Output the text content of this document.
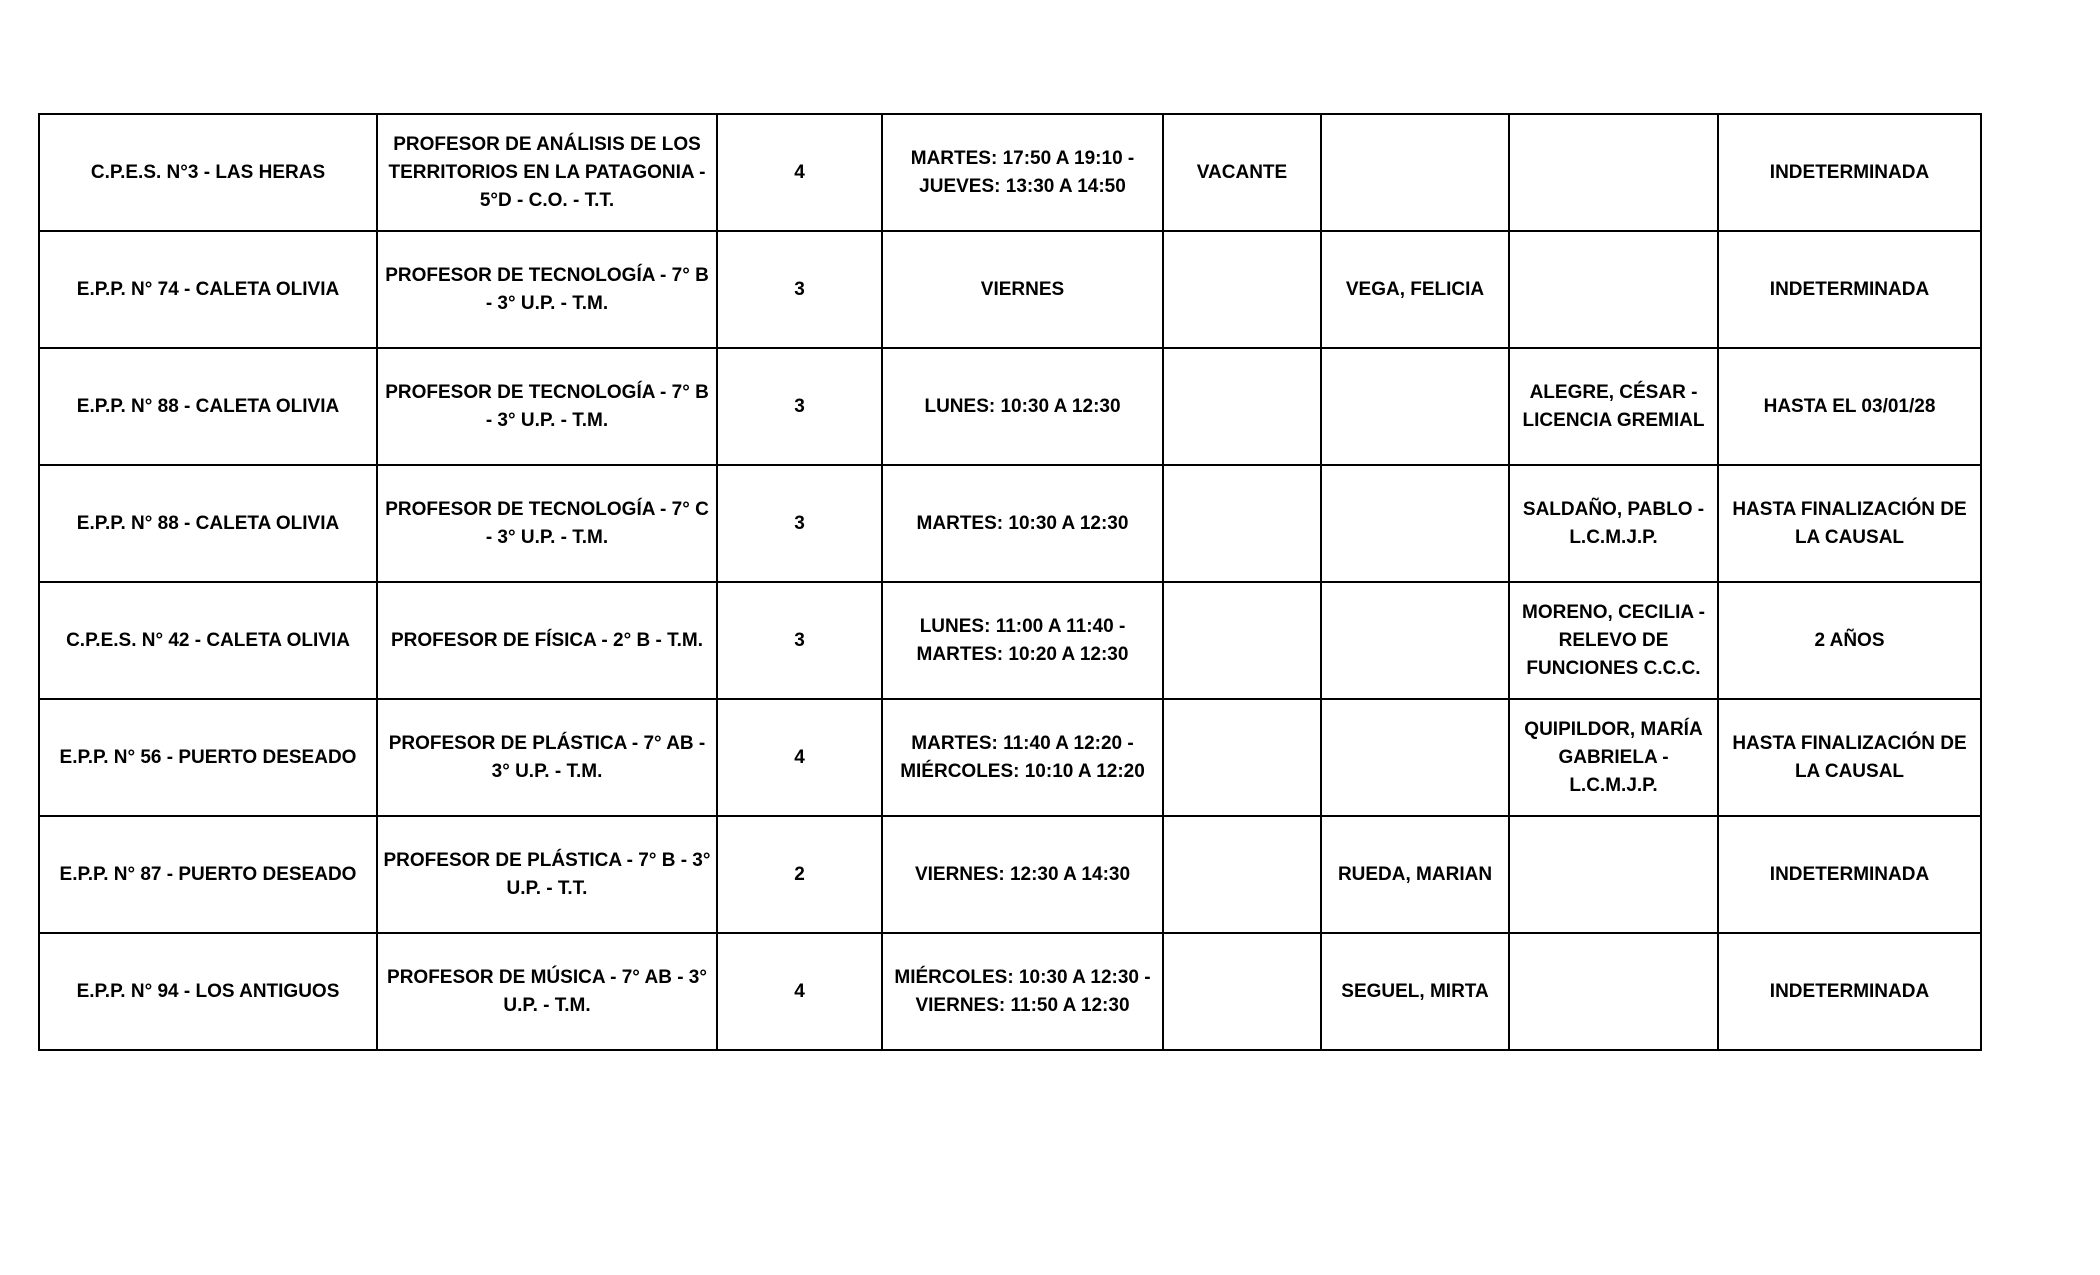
C.P.E.S. N°3 - LAS HERAS	PROFESOR DE ANÁLISIS DE LOS TERRITORIOS EN LA PATAGONIA - 5°D - C.O. - T.T.	4	MARTES: 17:50 A 19:10 - JUEVES: 13:30 A 14:50	VACANTE			INDETERMINADA
E.P.P. N° 74 - CALETA OLIVIA	PROFESOR DE TECNOLOGÍA - 7° B - 3° U.P. - T.M.	3	VIERNES		VEGA, FELICIA		INDETERMINADA
E.P.P. N° 88 - CALETA OLIVIA	PROFESOR DE TECNOLOGÍA - 7° B - 3° U.P. - T.M.	3	LUNES: 10:30 A 12:30			ALEGRE, CÉSAR - LICENCIA GREMIAL	HASTA EL 03/01/28
E.P.P. N° 88 - CALETA OLIVIA	PROFESOR DE TECNOLOGÍA - 7° C - 3° U.P. - T.M.	3	MARTES: 10:30 A 12:30			SALDAÑO, PABLO - L.C.M.J.P.	HASTA FINALIZACIÓN DE LA CAUSAL
C.P.E.S. N° 42 - CALETA OLIVIA	PROFESOR DE FÍSICA - 2° B - T.M.	3	LUNES: 11:00 A 11:40 - MARTES: 10:20 A 12:30			MORENO, CECILIA - RELEVO DE FUNCIONES C.C.C.	2 AÑOS
E.P.P. N° 56 - PUERTO DESEADO	PROFESOR DE PLÁSTICA - 7° AB - 3° U.P. - T.M.	4	MARTES: 11:40 A 12:20 - MIÉRCOLES: 10:10 A 12:20			QUIPILDOR, MARÍA GABRIELA - L.C.M.J.P.	HASTA FINALIZACIÓN DE LA CAUSAL
E.P.P. N° 87 - PUERTO DESEADO	PROFESOR DE PLÁSTICA - 7° B - 3° U.P. - T.T.	2	VIERNES: 12:30 A 14:30		RUEDA, MARIAN		INDETERMINADA
E.P.P. N° 94 - LOS ANTIGUOS	PROFESOR DE MÚSICA - 7° AB - 3° U.P. - T.M.	4	MIÉRCOLES: 10:30 A 12:30 - VIERNES: 11:50 A 12:30		SEGUEL, MIRTA		INDETERMINADA
